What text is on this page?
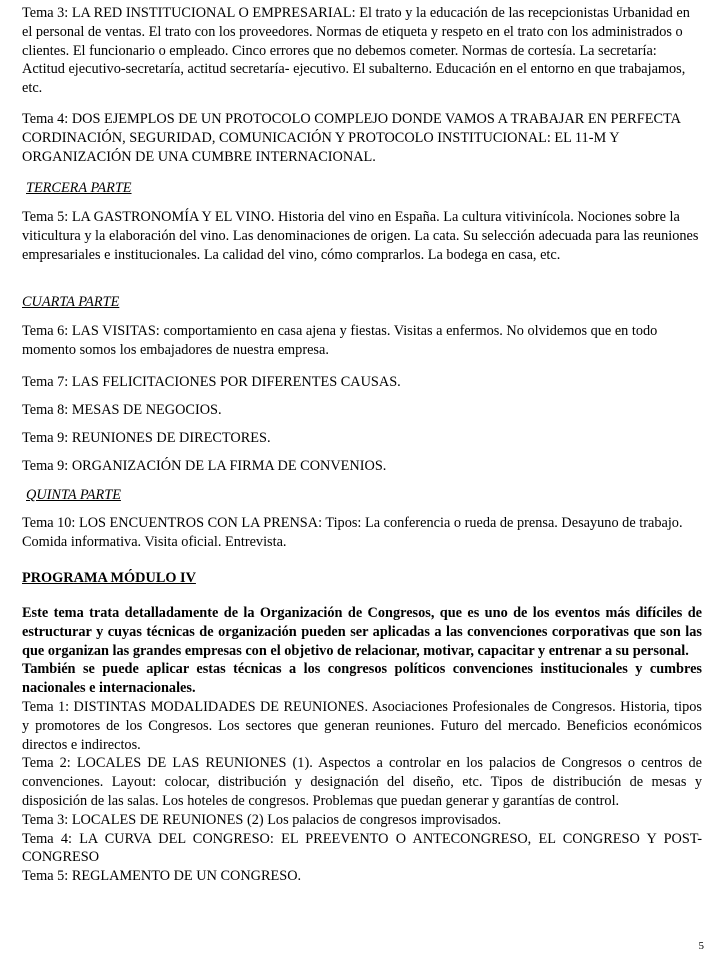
Tema 3: LA RED INSTITUCIONAL O EMPRESARIAL: El trato y la educación de las recepcionistas Urbanidad en el personal de ventas. El trato con los proveedores. Normas de etiqueta y respeto en el trato con los administrados o clientes. El funcionario o empleado. Cinco errores que no debemos cometer. Normas de cortesía. La secretaría: Actitud ejecutivo-secretaría, actitud secretaría- ejecutivo. El subalterno. Educación en el entorno en que trabajamos, etc.

Tema 4: DOS EJEMPLOS DE UN PROTOCOLO COMPLEJO DONDE VAMOS A TRABAJAR EN PERFECTA CORDINACIÓN, SEGURIDAD, COMUNICACIÓN Y PROTOCOLO INSTITUCIONAL: EL 11-M Y ORGANIZACIÓN DE UNA CUMBRE INTERNACIONAL.

TERCERA PARTE

Tema 5: LA GASTRONOMÍA Y EL VINO. Historia del vino en España. La cultura vitivinícola. Nociones sobre la viticultura y la elaboración del vino. Las denominaciones de origen. La cata. Su selección adecuada para las reuniones empresariales e institucionales. La calidad del vino, cómo comprarlos. La bodega en casa, etc.

CUARTA PARTE

Tema 6: LAS VISITAS: comportamiento en casa ajena y fiestas. Visitas a enfermos. No olvidemos que en todo momento somos los embajadores de nuestra empresa.

Tema 7: LAS FELICITACIONES POR DIFERENTES CAUSAS.

Tema 8: MESAS DE NEGOCIOS.

Tema 9: REUNIONES DE DIRECTORES.

Tema 9: ORGANIZACIÓN DE LA FIRMA DE CONVENIOS.

QUINTA PARTE

Tema 10: LOS ENCUENTROS CON LA PRENSA: Tipos: La conferencia o rueda de prensa. Desayuno de trabajo. Comida informativa. Visita oficial. Entrevista.

PROGRAMA MÓDULO IV

Este tema trata detalladamente de la Organización de Congresos, que es uno de los eventos más difíciles de estructurar y cuyas técnicas de organización pueden ser aplicadas a las convenciones corporativas que son las que organizan las grandes empresas con el objetivo de relacionar, motivar, capacitar y entrenar a su personal.

También se puede aplicar estas técnicas a los congresos políticos convenciones institucionales y cumbres nacionales e internacionales.

Tema 1: DISTINTAS MODALIDADES DE REUNIONES. Asociaciones Profesionales de Congresos. Historia, tipos y promotores de los Congresos. Los sectores que generan reuniones. Futuro del mercado. Beneficios económicos directos e indirectos.

Tema 2: LOCALES DE LAS REUNIONES (1). Aspectos a controlar en los palacios de Congresos o centros de convenciones. Layout: colocar, distribución y designación del diseño, etc. Tipos de distribución de mesas y disposición de las salas. Los hoteles de congresos. Problemas que puedan generar y garantías de control.

Tema 3: LOCALES DE REUNIONES (2) Los palacios de congresos improvisados.

Tema 4: LA CURVA DEL CONGRESO: EL PREEVENTO O ANTECONGRESO, EL CONGRESO Y POST-CONGRESO

Tema 5: REGLAMENTO DE UN CONGRESO.

5
